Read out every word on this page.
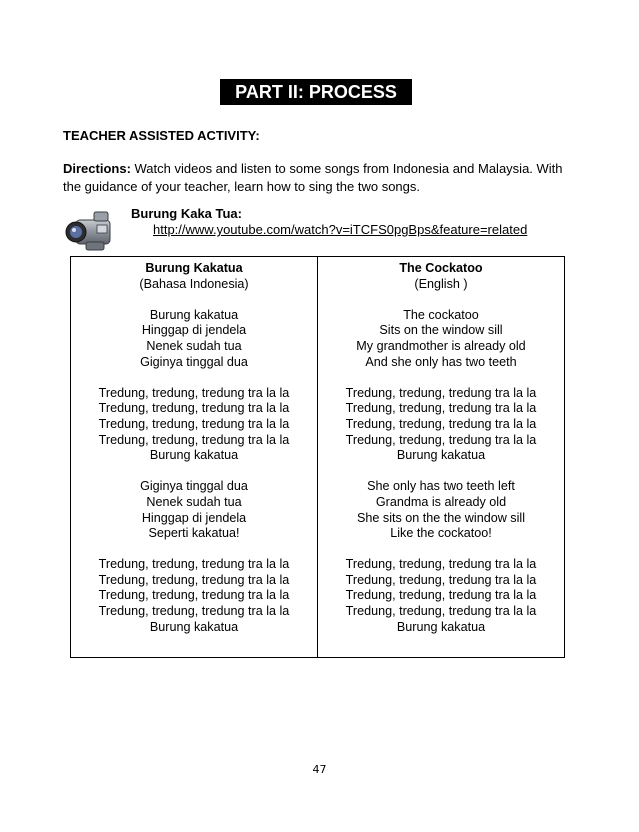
PART II: PROCESS
TEACHER ASSISTED ACTIVITY:
Directions: Watch videos and listen to some songs from Indonesia and Malaysia. With the guidance of your teacher, learn how to sing the two songs.
Burung Kaka Tua:
http://www.youtube.com/watch?v=iTCFS0pgBps&feature=related
Burung Kakatua
(Bahasa Indonesia)
Burung kakatua
Hinggap di jendela
Nenek sudah tua
Giginya tinggal dua
Tredung, tredung, tredung tra la la
Tredung, tredung, tredung tra la la
Tredung, tredung, tredung tra la la
Tredung, tredung, tredung tra la la
Burung kakatua
Giginya tinggal dua
Nenek sudah tua
Hinggap di jendela
Seperti kakatua!
Tredung, tredung, tredung tra la la
Tredung, tredung, tredung tra la la
Tredung, tredung, tredung tra la la
Tredung, tredung, tredung tra la la
Burung kakatua
The Cockatoo
(English )
The cockatoo
Sits on the window sill
My grandmother is already old
And she only has two teeth
Tredung, tredung, tredung tra la la
Tredung, tredung, tredung tra la la
Tredung, tredung, tredung tra la la
Tredung, tredung, tredung tra la la
Burung kakatua
She only has two teeth left
Grandma is already old
She sits on the the window sill
Like the cockatoo!
Tredung, tredung, tredung tra la la
Tredung, tredung, tredung tra la la
Tredung, tredung, tredung tra la la
Tredung, tredung, tredung tra la la
Burung kakatua
47
